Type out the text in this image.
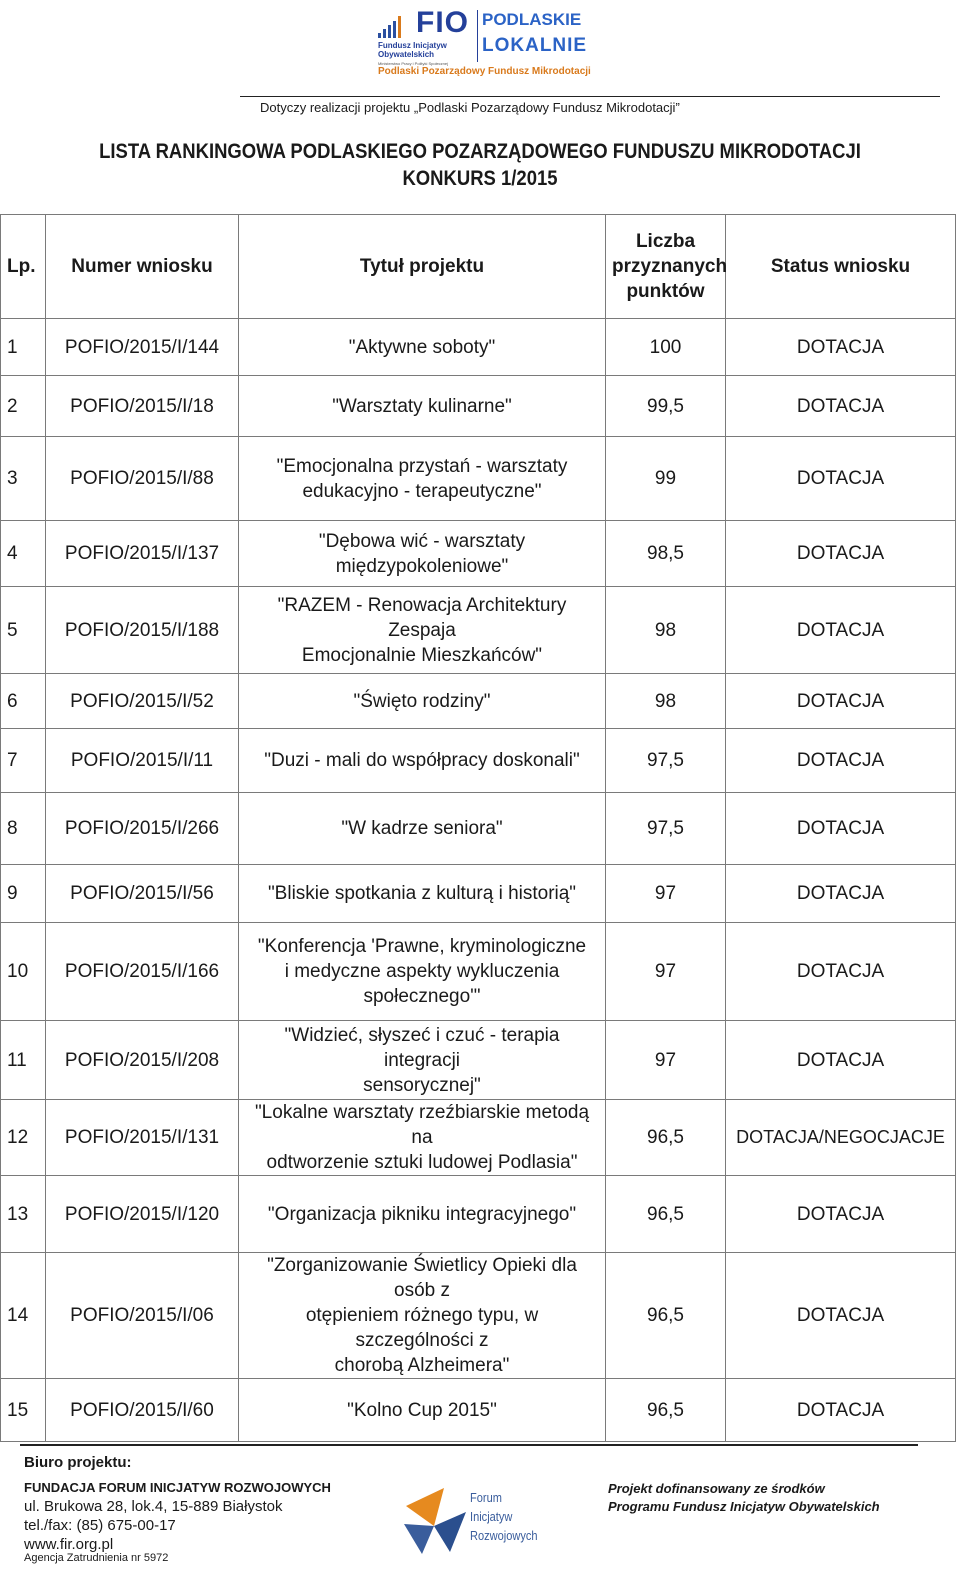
FIO
Fundusz Inicjatyw
Obywatelskich
Ministerstwo Pracy i Polityki Społecznej
PODLASKIE
LOKALNIE
Podlaski Pozarządowy Fundusz Mikrodotacji
Dotyczy realizacji projektu „Podlaski Pozarządowy Fundusz Mikrodotacji”
LISTA RANKINGOWA PODLASKIEGO POZARZĄDOWEGO FUNDUSZU MIKRODOTACJI
KONKURS 1/2015
Lp.	Numer wniosku	Tytuł projektu	Liczba
przyznanych
punktów	Status wniosku
1	POFIO/2015/I/144	"Aktywne soboty"	100	DOTACJA
2	POFIO/2015/I/18	"Warsztaty kulinarne"	99,5	DOTACJA
3	POFIO/2015/I/88	"Emocjonalna przystań - warsztaty
edukacyjno - terapeutyczne"	99	DOTACJA
4	POFIO/2015/I/137	"Dębowa wić - warsztaty
międzypokoleniowe"	98,5	DOTACJA
5	POFIO/2015/I/188	"RAZEM - Renowacja Architektury Zespaja
Emocjonalnie Mieszkańców"	98	DOTACJA
6	POFIO/2015/I/52	"Święto rodziny"	98	DOTACJA
7	POFIO/2015/I/11	"Duzi - mali do współpracy doskonali"	97,5	DOTACJA
8	POFIO/2015/I/266	"W kadrze seniora"	97,5	DOTACJA
9	POFIO/2015/I/56	"Bliskie spotkania z kulturą i historią"	97	DOTACJA
10	POFIO/2015/I/166	"Konferencja 'Prawne, kryminologiczne
i medyczne aspekty wykluczenia
społecznego'"	97	DOTACJA
11	POFIO/2015/I/208	"Widzieć, słyszeć i czuć - terapia integracji
sensorycznej"	97	DOTACJA
12	POFIO/2015/I/131	"Lokalne warsztaty rzeźbiarskie metodą na
odtworzenie sztuki ludowej Podlasia"	96,5	DOTACJA/NEGOCJACJE
13	POFIO/2015/I/120	"Organizacja pikniku integracyjnego"	96,5	DOTACJA
14	POFIO/2015/I/06	"Zorganizowanie Świetlicy Opieki dla osób z
otępieniem różnego typu, w szczególności z
chorobą Alzheimera"	96,5	DOTACJA
15	POFIO/2015/I/60	"Kolno Cup 2015"	96,5	DOTACJA
Biuro projektu:
FUNDACJA FORUM INICJATYW ROZWOJOWYCH
ul. Brukowa 28, lok.4, 15-889 Białystok
tel./fax: (85) 675-00-17
www.fir.org.pl
Agencja Zatrudnienia nr 5972
Forum
Inicjatyw
Rozwojowych
Projekt dofinansowany ze środków
Programu Fundusz Inicjatyw Obywatelskich
